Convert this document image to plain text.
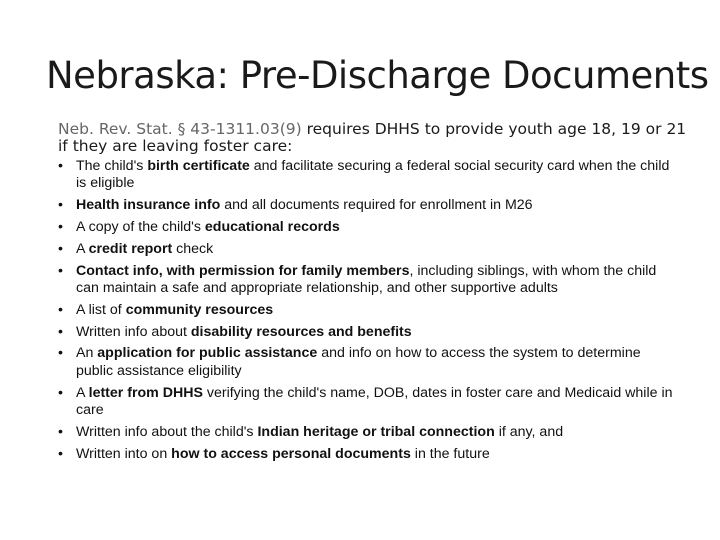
Nebraska: Pre-Discharge Documents
Neb. Rev. Stat. § 43-1311.03(9) requires DHHS to provide youth age 18, 19 or 21 if they are leaving foster care:
• The child's birth certificate and facilitate securing a federal social security card when the child is eligible
• Health insurance info and all documents required for enrollment in M26
• A copy of the child's educational records
• A credit report check
• Contact info, with permission for family members, including siblings, with whom the child can maintain a safe and appropriate relationship, and other supportive adults
• A list of community resources
• Written info about disability resources and benefits
• An application for public assistance and info on how to access the system to determine public assistance eligibility
• A letter from DHHS verifying the child's name, DOB, dates in foster care and Medicaid while in care
• Written info about the child's Indian heritage or tribal connection if any, and
• Written into on how to access personal documents in the future
